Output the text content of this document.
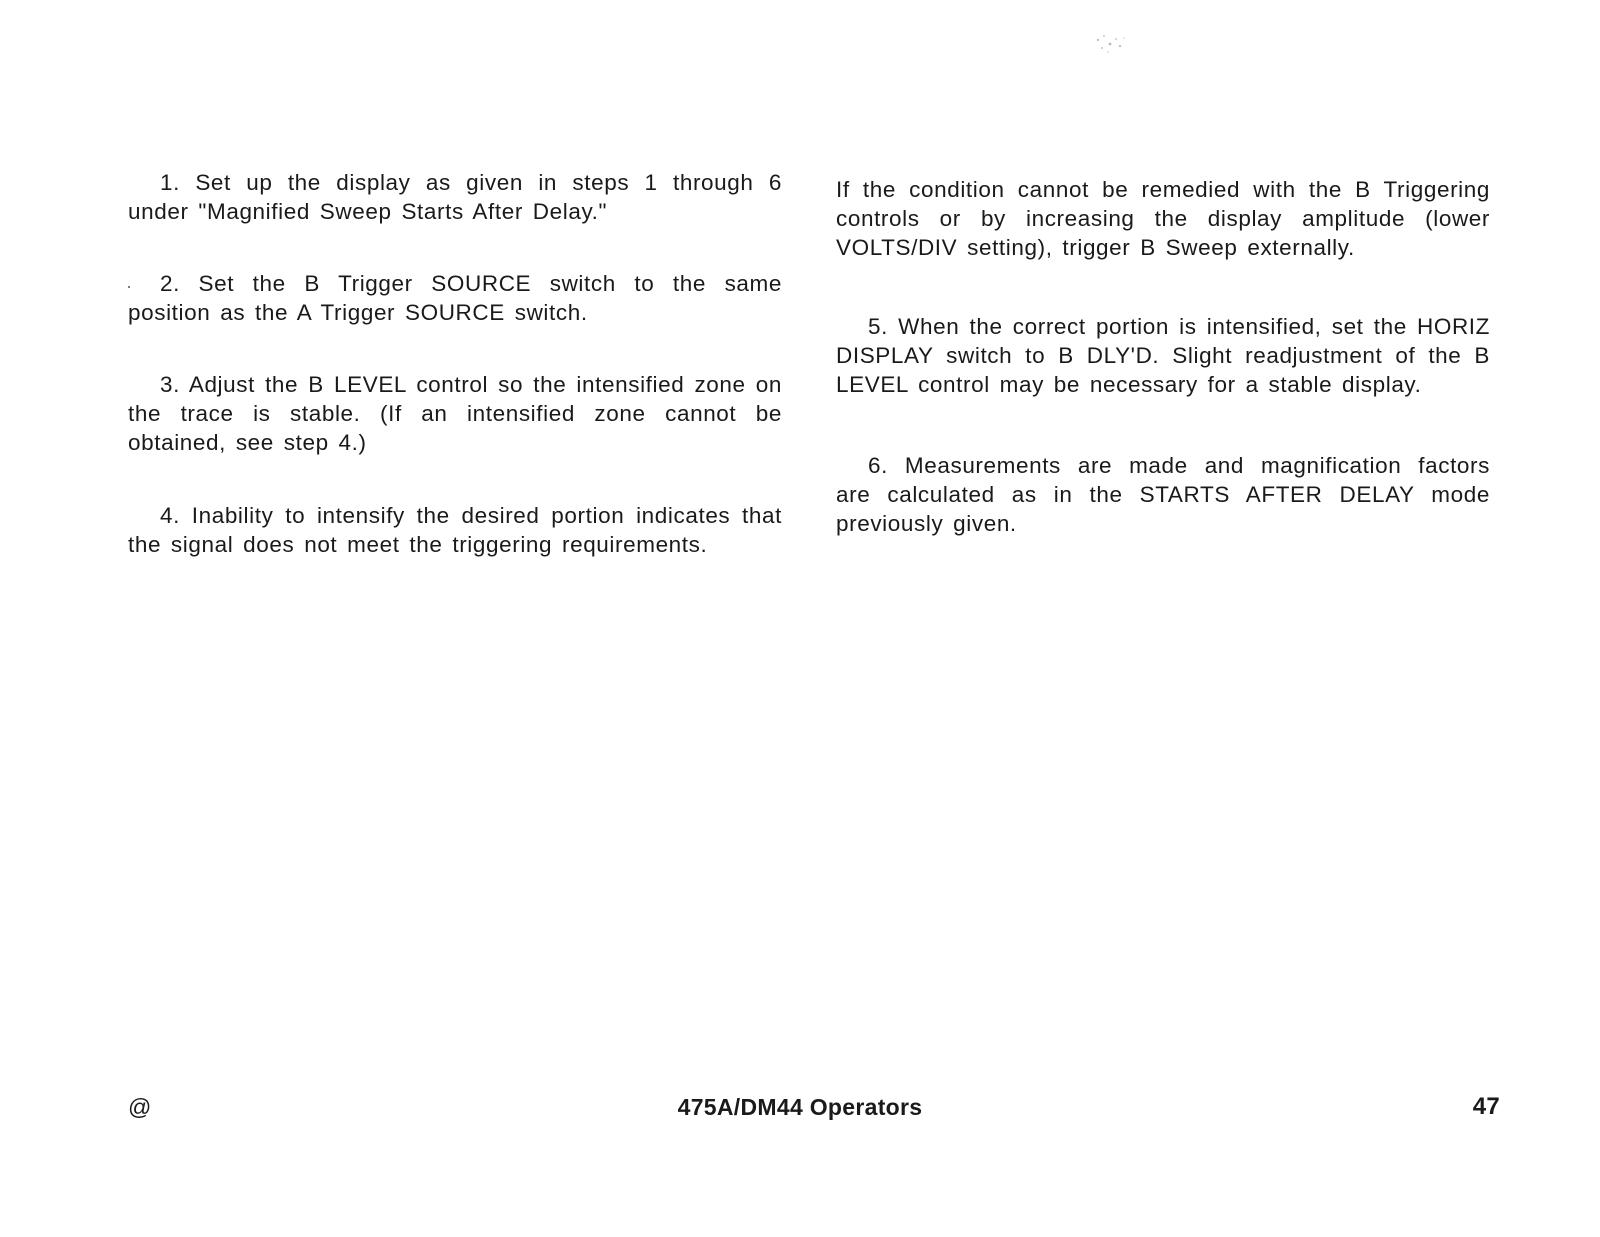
1. Set up the display as given in steps 1 through 6 under "Magnified Sweep Starts After Delay."

2. Set the B Trigger SOURCE switch to the same position as the A Trigger SOURCE switch.

3. Adjust the B LEVEL control so the intensified zone on the trace is stable. (If an intensified zone cannot be obtained, see step 4.)

4. Inability to intensify the desired portion indicates that the signal does not meet the triggering requirements.

If the condition cannot be remedied with the B Triggering controls or by increasing the display amplitude (lower VOLTS/DIV setting), trigger B Sweep externally.

5. When the correct portion is intensified, set the HORIZ DISPLAY switch to B DLY'D. Slight readjustment of the B LEVEL control may be necessary for a stable display.

6. Measurements are made and magnification factors are calculated as in the STARTS AFTER DELAY mode previously given.

@	475A/DM44 Operators	47
